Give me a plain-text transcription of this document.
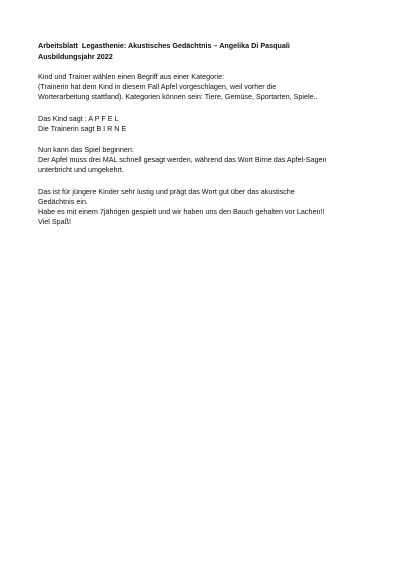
Arbeitsblatt  Legasthenie: Akustisches Gedächtnis – Angelika Di Pasquali

Ausbildungsjahr 2022

Kind und Trainer wählen einen Begriff aus einer Kategorie:
(Trainerin hat dem Kind in diesem Fall Apfel vorgeschlagen, weil vorher die
Worterarbeitung stattfand). Kategorien können sein: Tiere, Gemüse, Sportarten, Spiele..

Das Kind sagt : A P F E L
Die Trainerin sagt B I R N E

Nun kann das Spiel beginnen:
Der Apfel muss drei MAL schnell gesagt werden, während das Wort Birne das Apfel-Sagen
unterbricht und umgekehrt.

Das ist für jüngere Kinder sehr lustig und prägt das Wort gut über das akustische
Gedächtnis ein.
Habe es mit einem 7jährigen gespielt und wir haben uns den Bauch gehalten vor Lachen!!
Viel Spaß!
